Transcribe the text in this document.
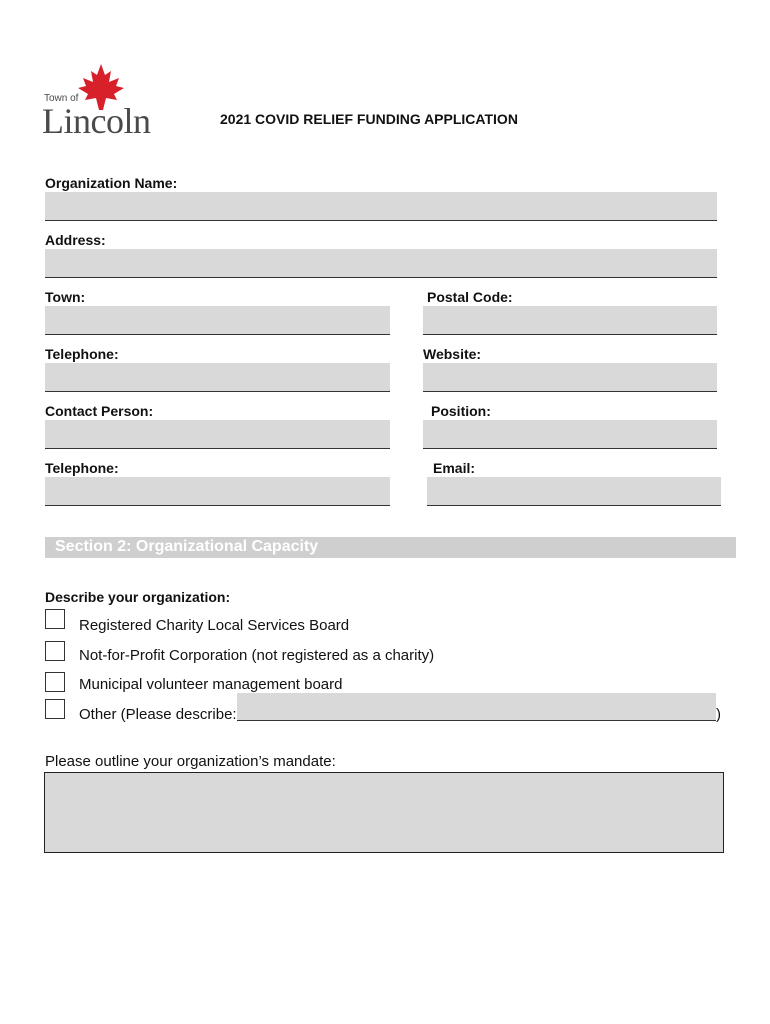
Town of
Lincoln	2021 COVID RELIEF FUNDING APPLICATION
Organization Name:
Address:
Town:	Postal Code:
Telephone:	Website:
Contact Person:	Position:
Telephone:	Email:
Section 2: Organizational Capacity
Describe your organization:
Registered Charity Local Services Board
Not-for-Profit Corporation (not registered as a charity)
Municipal volunteer management board
Other (Please describe:	)
Please outline your organization’s mandate:
